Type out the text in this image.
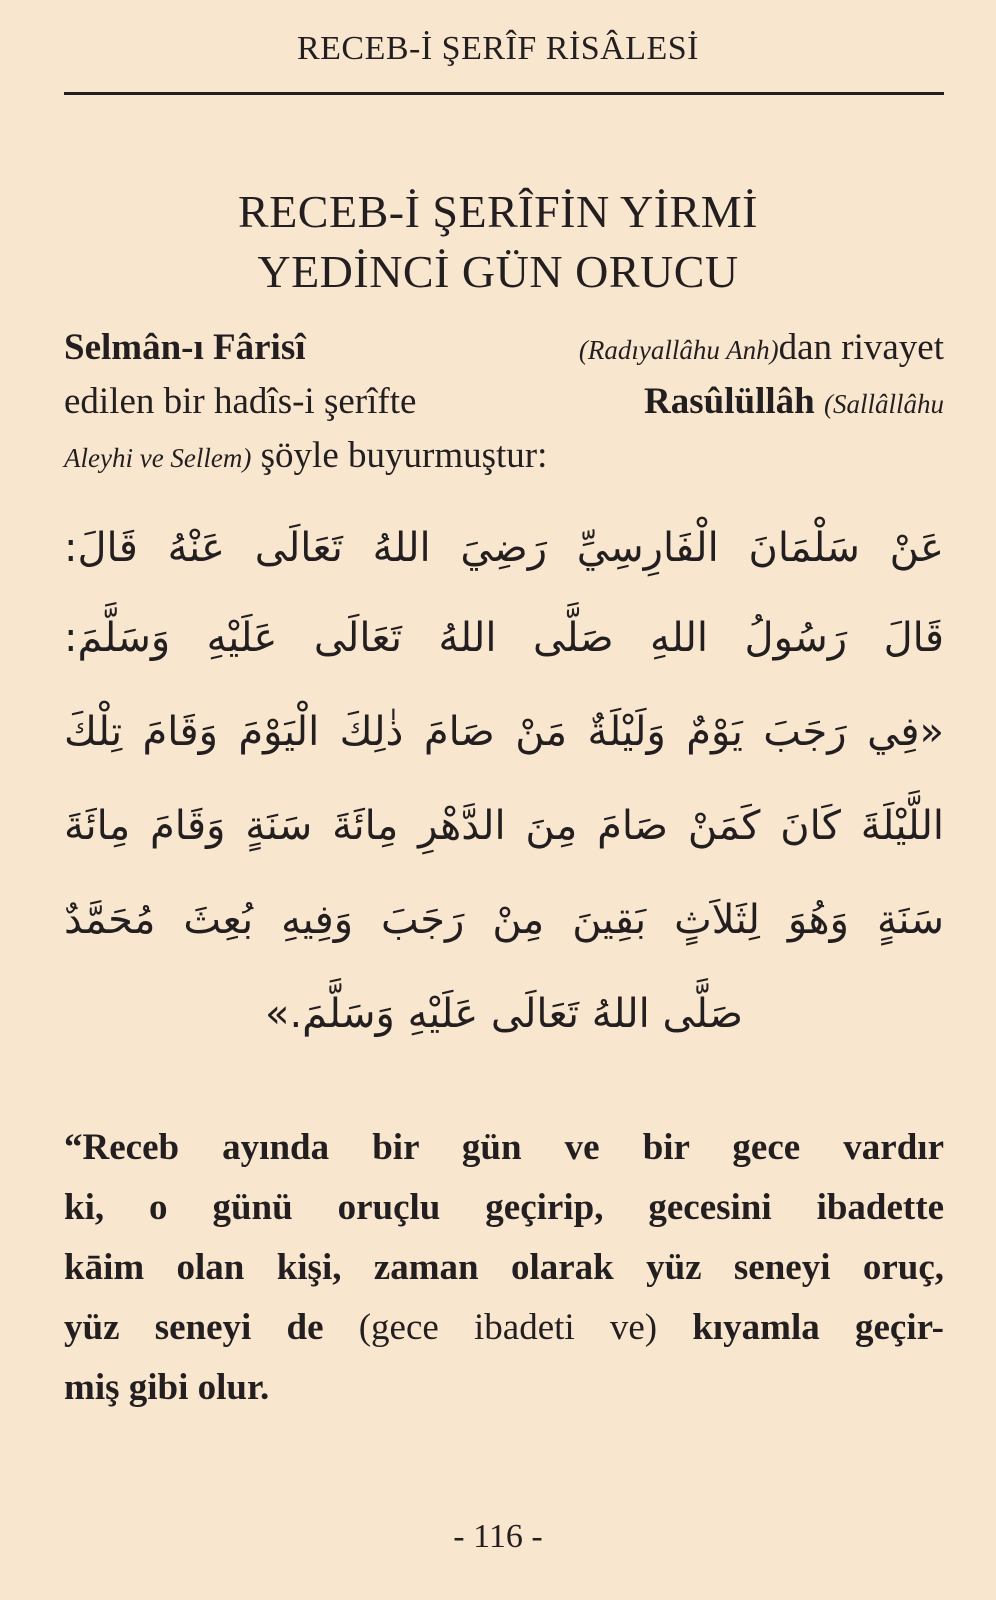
RECEB-İ ŞERÎF RİSÂLESİ
RECEB-İ ŞERÎFİN YİRMİ
YEDİNCİ GÜN ORUCU
Selmân-ı Fârisî	(Radıyallâhu Anh)dan rivayet
edilen bir hadîs-i şerîfte	Rasûlüllâh (Sallâllâhu
Aleyhi ve Sellem) şöyle buyurmuştur:
عَنْ سَلْمَانَ الْفَارِسِيِّ رَضِيَ اللهُ تَعَالَى عَنْهُ قَالَ:
قَالَ رَسُولُ اللهِ صَلَّى اللهُ تَعَالَى عَلَيْهِ وَسَلَّمَ:
«فِي رَجَبَ يَوْمٌ وَلَيْلَةٌ مَنْ صَامَ ذٰلِكَ الْيَوْمَ وَقَامَ تِلْكَ
اللَّيْلَةَ كَانَ كَمَنْ صَامَ مِنَ الدَّهْرِ مِائَةَ سَنَةٍ وَقَامَ مِائَةَ
سَنَةٍ وَهُوَ لِثَلاَثٍ بَقِينَ مِنْ رَجَبَ وَفِيهِ بُعِثَ مُحَمَّدٌ
صَلَّى اللهُ تَعَالَى عَلَيْهِ وَسَلَّمَ.»
“Receb ayında bir gün ve bir gece vardır
ki, o günü oruçlu geçirip, gecesini ibadette
kāim olan kişi, zaman olarak yüz seneyi oruç,
yüz seneyi de (gece ibadeti ve) kıyamla geçir-
miş gibi olur.
- 116 -
